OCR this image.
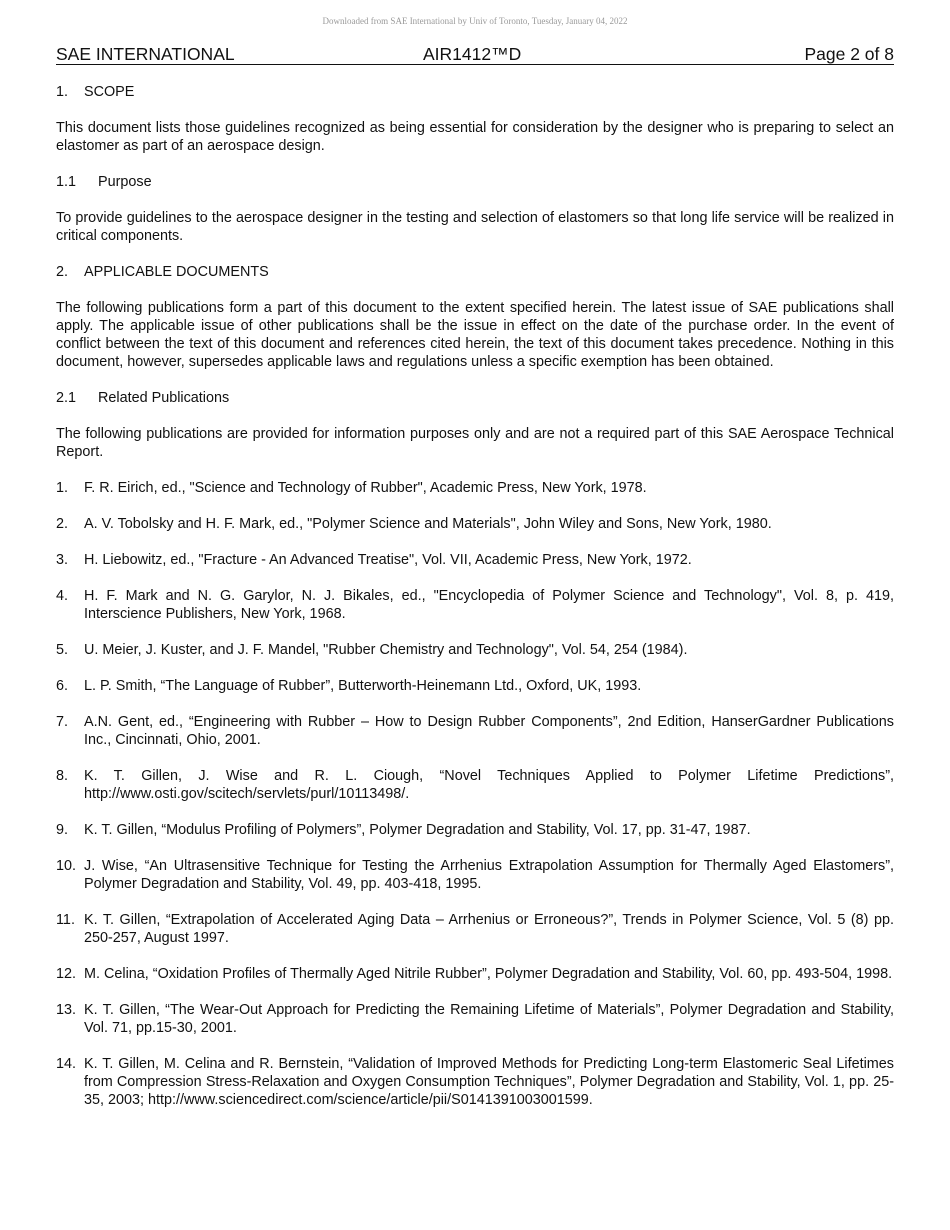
Downloaded from SAE International by Univ of Toronto, Tuesday, January 04, 2022
SAE INTERNATIONAL	AIR1412™D	Page 2 of 8
1. SCOPE

This document lists those guidelines recognized as being essential for consideration by the designer who is preparing to select an elastomer as part of an aerospace design.

1.1 Purpose

To provide guidelines to the aerospace designer in the testing and selection of elastomers so that long life service will be realized in critical components.

2. APPLICABLE DOCUMENTS

The following publications form a part of this document to the extent specified herein. The latest issue of SAE publications shall apply. The applicable issue of other publications shall be the issue in effect on the date of the purchase order. In the event of conflict between the text of this document and references cited herein, the text of this document takes precedence. Nothing in this document, however, supersedes applicable laws and regulations unless a specific exemption has been obtained.

2.1 Related Publications

The following publications are provided for information purposes only and are not a required part of this SAE Aerospace Technical Report.

1.	F. R. Eirich, ed., "Science and Technology of Rubber", Academic Press, New York, 1978.
2.	A. V. Tobolsky and H. F. Mark, ed., "Polymer Science and Materials", John Wiley and Sons, New York, 1980.
3.	H. Liebowitz, ed., "Fracture - An Advanced Treatise", Vol. VII, Academic Press, New York, 1972.
4.	H. F. Mark and N. G. Garylor, N. J. Bikales, ed., "Encyclopedia of Polymer Science and Technology", Vol. 8, p. 419, Interscience Publishers, New York, 1968.
5.	U. Meier, J. Kuster, and J. F. Mandel, "Rubber Chemistry and Technology", Vol. 54, 254 (1984).
6.	L. P. Smith, “The Language of Rubber”, Butterworth-Heinemann Ltd., Oxford, UK, 1993.
7.	A.N. Gent, ed., “Engineering with Rubber – How to Design Rubber Components”, 2nd Edition, HanserGardner Publications Inc., Cincinnati, Ohio, 2001.
8.	K. T. Gillen, J. Wise and R. L. Ciough, “Novel Techniques Applied to Polymer Lifetime Predictions”, http://www.osti.gov/scitech/servlets/purl/10113498/.
9.	K. T. Gillen, “Modulus Profiling of Polymers”, Polymer Degradation and Stability, Vol. 17, pp. 31-47, 1987.
10. J. Wise, “An Ultrasensitive Technique for Testing the Arrhenius Extrapolation Assumption for Thermally Aged Elastomers”, Polymer Degradation and Stability, Vol. 49, pp. 403-418, 1995.
11. K. T. Gillen, “Extrapolation of Accelerated Aging Data – Arrhenius or Erroneous?”, Trends in Polymer Science, Vol. 5 (8) pp. 250-257, August 1997.
12. M. Celina, “Oxidation Profiles of Thermally Aged Nitrile Rubber”, Polymer Degradation and Stability, Vol. 60, pp. 493-504, 1998.
13. K. T. Gillen, “The Wear-Out Approach for Predicting the Remaining Lifetime of Materials”, Polymer Degradation and Stability, Vol. 71, pp.15-30, 2001.
14. K. T. Gillen, M. Celina and R. Bernstein, “Validation of Improved Methods for Predicting Long-term Elastomeric Seal Lifetimes from Compression Stress-Relaxation and Oxygen Consumption Techniques”, Polymer Degradation and Stability, Vol. 1, pp. 25-35, 2003; http://www.sciencedirect.com/science/article/pii/S0141391003001599.
